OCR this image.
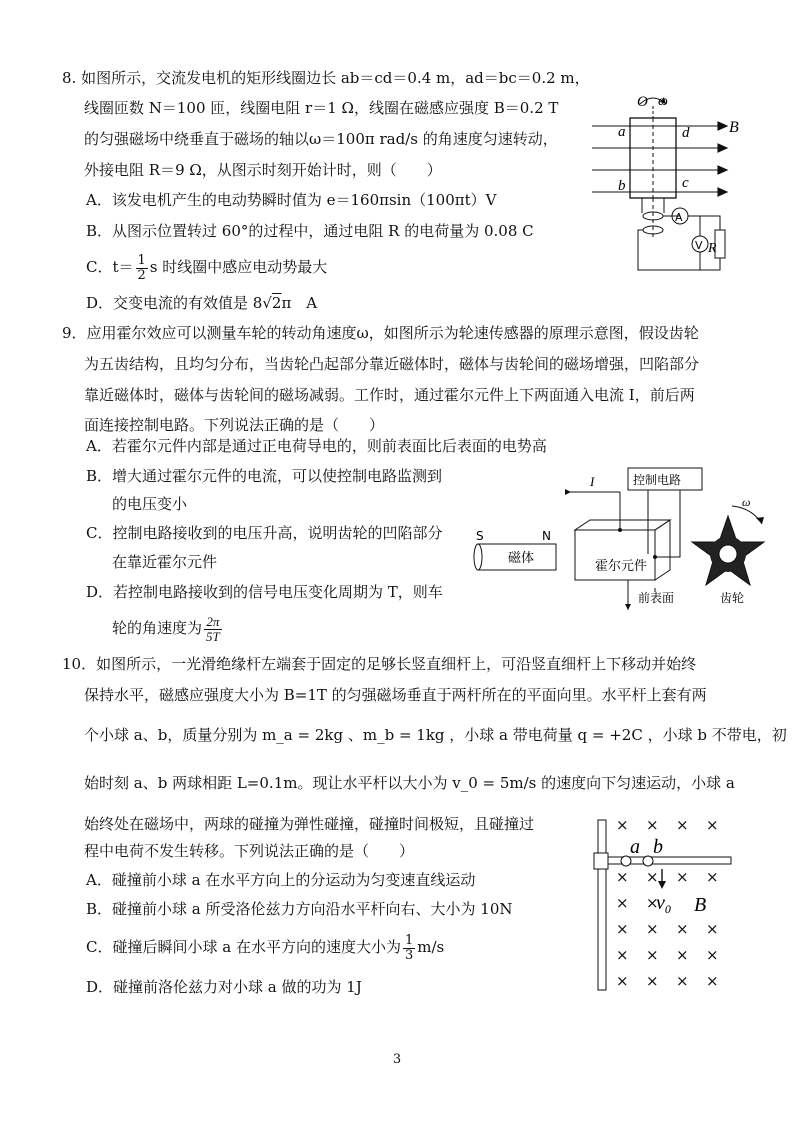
8. 如图所示，交流发电机的矩形线圈边长 ab＝cd＝0.4 m，ad＝bc＝0.2 m，
线圈匝数 N＝100 匝，线圈电阻 r＝1 Ω，线圈在磁感应强度 B＝0.2 T
的匀强磁场中绕垂直于磁场的轴以ω＝100π rad/s 的角速度匀速转动，
外接电阻 R＝9 Ω，从图示时刻开始计时，则（　　）
A．该发电机产生的电动势瞬时值为 e＝160πsin（100πt）V
B．从图示位置转过 60°的过程中，通过电阻 R 的电荷量为 0.08 C
C．$t= \frac{1}{2}$ s 时线圈中感应电动势最大
D．交变电流的有效值是 8√2π　A
O ω
B
a	d
b	c
A
V R
9．应用霍尔效应可以测量车轮的转动角速度ω，如图所示为轮速传感器的原理示意图，假设齿轮
为五齿结构，且均匀分布，当齿轮凸起部分靠近磁体时，磁体与齿轮间的磁场增强，凹陷部分
靠近磁体时，磁体与齿轮间的磁场减弱。工作时，通过霍尔元件上下两面通入电流 I，前后两
面连接控制电路。下列说法正确的是（　　）
A．若霍尔元件内部是通过正电荷导电的，则前表面比后表面的电势高
B．增大通过霍尔元件的电流，可以使控制电路监测到
的电压变小
C．控制电路接收到的电压升高，说明齿轮的凹陷部分
在靠近霍尔元件
D．若控制电路接收到的信号电压变化周期为 T，则车
轮的角速度为 $\frac{2\pi}{5T}$
控制电路
I
霍尔元件
前表面
磁体
S	N
ω
齿轮
10．如图所示，一光滑绝缘杆左端套于固定的足够长竖直细杆上，可沿竖直细杆上下移动并始终
保持水平，磁感应强度大小为 B=1T 的匀强磁场垂直于两杆所在的平面向里。水平杆上套有两
个小球 a、b，质量分别为 m_a = 2kg 、m_b = 1kg ，小球 a 带电荷量 q = +2C ，小球 b 不带电，初
始时刻 a、b 两球相距 L=0.1m。现让水平杆以大小为 v_0 = 5m/s 的速度向下匀速运动，小球 a
始终处在磁场中，两球的碰撞为弹性碰撞，碰撞时间极短，且碰撞过
程中电荷不发生转移。下列说法正确的是（　　）
A．碰撞前小球 a 在水平方向上的分运动为匀变速直线运动
B．碰撞前小球 a 所受洛伦兹力方向沿水平杆向右、大小为 10N
C．碰撞后瞬间小球 a 在水平方向的速度大小为 $\frac{1}{3} m/s$
D．碰撞前洛伦兹力对小球 a 做的功为 1J
× × × ×
× × × ×
× ×
× × × ×
× × × ×
× × × ×
a b
$v_0$ B
3
